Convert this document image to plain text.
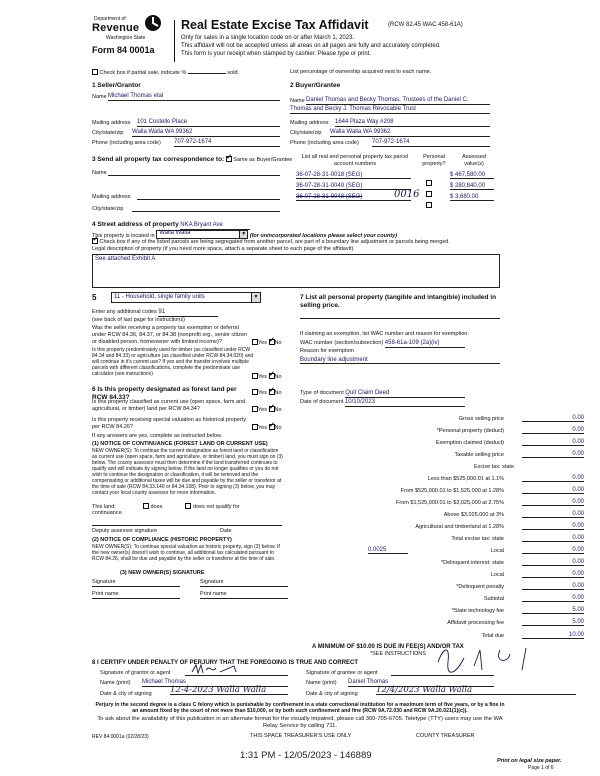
Department of
Revenue
Washington State
Form 84 0001a
Real Estate Excise Tax Affidavit	(RCW 82.45 WAC 458-61A)
Only for sales in a single location code on or after March 1, 2023.
This affidavit will not be accepted unless all areas on all pages are fully and accurately completed.
This form is your receipt when stamped by cashier. Please type or print.
Check box if partial sale, indicate %	sold.	List percentage of ownership acquired next to each name.
1 Seller/Grantor
Name Michael Thomas etal
Mailing address 101 Costello Place
City/state/zip Walla Walla WA 99362
Phone (including area code) 707-972-1674
2 Buyer/Grantee
Name Daniel Thomas and Becky Thomas, Trustees of the Daniel C.
Thomas and Becky J. Thomas Revocable Trust
Mailing address 1644 Plaza Way #208
City/state/zip Walla Walla WA 99362
Phone (including area code) 707-972-1674
3 Send all property tax correspondence to: ✓ Same as Buyer/Grantee
Name
Mailing address
City/state/zip
List all real and personal property tax parcel account numbers
Personal property?
Assessed value(s)
36-07-28-31-0018 (SEG)	$ 467,580.00
36-07-28-31-0049 (SEG)	$ 280,840.00
36-07-28-31-0048 (SEG)	0016	$ 3,680.00
4 Street address of property NKA Bryant Ave
This property is located in Walla Walla	▼ (for unincorporated locations please select your county)
✓ Check box if any of the listed parcels are being segregated from another parcel, are part of a boundary line adjustment or parcels being merged.
Legal description of property (if you need more space, attach a separate sheet to each page of the affidavit).
See attached Exhibit A
5	11 - Household, single family units	▼
Enter any additional codes 91
(see back of last page for instructions)
Was the seller receiving a property tax exemption or deferral under RCW 84.36, 84.37, or 84.38 (nonprofit org., senior citizen or disabled person, homeowner with limited income)?	Yes ✓ No
Is this property predominately used for timber (as classified under RCW 84.34 and 84.33) or agriculture (as classified under RCW 84.34.020) and will continue in it's current use? If yes and the transfer involves multiple parcels with different classifications, complete the predominate use calculator (see instructions)	Yes ✓ No
6 Is this property designated as forest land per RCW 84.33?
Yes ✓ No
Is this property classified as current use (open space, farm and agricultural, or timber) land per RCW 84.34?	Yes ✓ No
Is this property receiving special valuation as historical property per RCW 84.26?	Yes ✓ No
If any answers are yes, complete as instructed below.
(1) NOTICE OF CONTINUANCE (FOREST LAND OR CURRENT USE)
NEW OWNER(S): To continue the current designation as forest land or classification as current use (open space, farm and agriculture, or timber) land, you must sign on (3) below. The county assessor must then determine if the land transferred continues to qualify and will indicate by signing below. If the land no longer qualifies or you do not wish to continue the designation or classification, it will be removed and the compensating or additional taxes will be due and payable by the seller or transferor at the time of sale (RCW 84.33.140 or 84.34.108). Prior to signing (3) below, you may contact your local county assessor for more information.
This land:	does	does not qualify for
continuance.
Deputy assessor signature	Date
(2) NOTICE OF COMPLIANCE (HISTORIC PROPERTY)
NEW OWNER(S): To continue special valuation as historic property, sign (3) below. If the new owner(s) doesn't wish to continue, all additional tax calculated pursuant to RCW 84.26, shall be due and payable by the seller or transferor at the time of sale.
(3) NEW OWNER(S) SIGNATURE
Signature	Signature
Print name	Print name
7 List all personal property (tangible and intangible) included in selling price.
If claiming an exemption, list WAC number and reason for exemption.
WAC number (section/subsection) 458-61a-109 (2a)(iv)
Reason for exemption
Boundary line adjustment
Type of document Quit Claim Deed
Date of document 10/10/2023
Gross selling price	0.00
*Personal property (deduct)	0.00
Exemption claimed (deduct)	0.00
Taxable selling price	0.00
Excise tax: state
Less than $525,000.01 at 1.1%	0.00
From $525,000.01 to $1,525,000 at 1.28%	0.00
From $1,525,000.01 to $3,025,000 at 2.75%	0.00
Above $3,025,000 at 3%	0.00
Agricultural and timberland at 1.28%	0.00
Total excise tax: state	0.00
0.0025	Local	0.00
*Delinquent interest: state	0.00
Local	0.00
*Delinquent penalty	0.00
Subtotal	0.00
*State technology fee	5.00
Affidavit processing fee	5.00
Total due	10.00
A MINIMUM OF $10.00 IS DUE IN FEE(S) AND/OR TAX
*SEE INSTRUCTIONS
8 I CERTIFY UNDER PENALTY OF PERJURY THAT THE FOREGOING IS TRUE AND CORRECT
Signature of grantor or agent
Name (print) Michael Thomas
Date & city of signing 12-4-2023 Walla Walla
Signature of grantee or agent
Name (print) Daniel Thomas
Date & city of signing 12/4/2023 Walla Walla
Perjury in the second degree is a class C felony which is punishable by confinement in a state correctional institution for a maximum term of five years, or by a fine in an amount fixed by the court of not more than $10,000, or by both such confinement and fine (RCW 9A.72.030 and RCW 9A.20.021(1)(c)).
To ask about the availability of this publication in an alternate format for the visually impaired, please call 360-705-6705. Teletype (TTY) users may use the WA Relay Service by calling 711.
REV 84 0001a (02/28/23)	THIS SPACE TREASURER'S USE ONLY	COUNTY TREASURER
1:31 PM - 12/05/2023 - 146889	Print on legal size paper.
Page 1 of 6
